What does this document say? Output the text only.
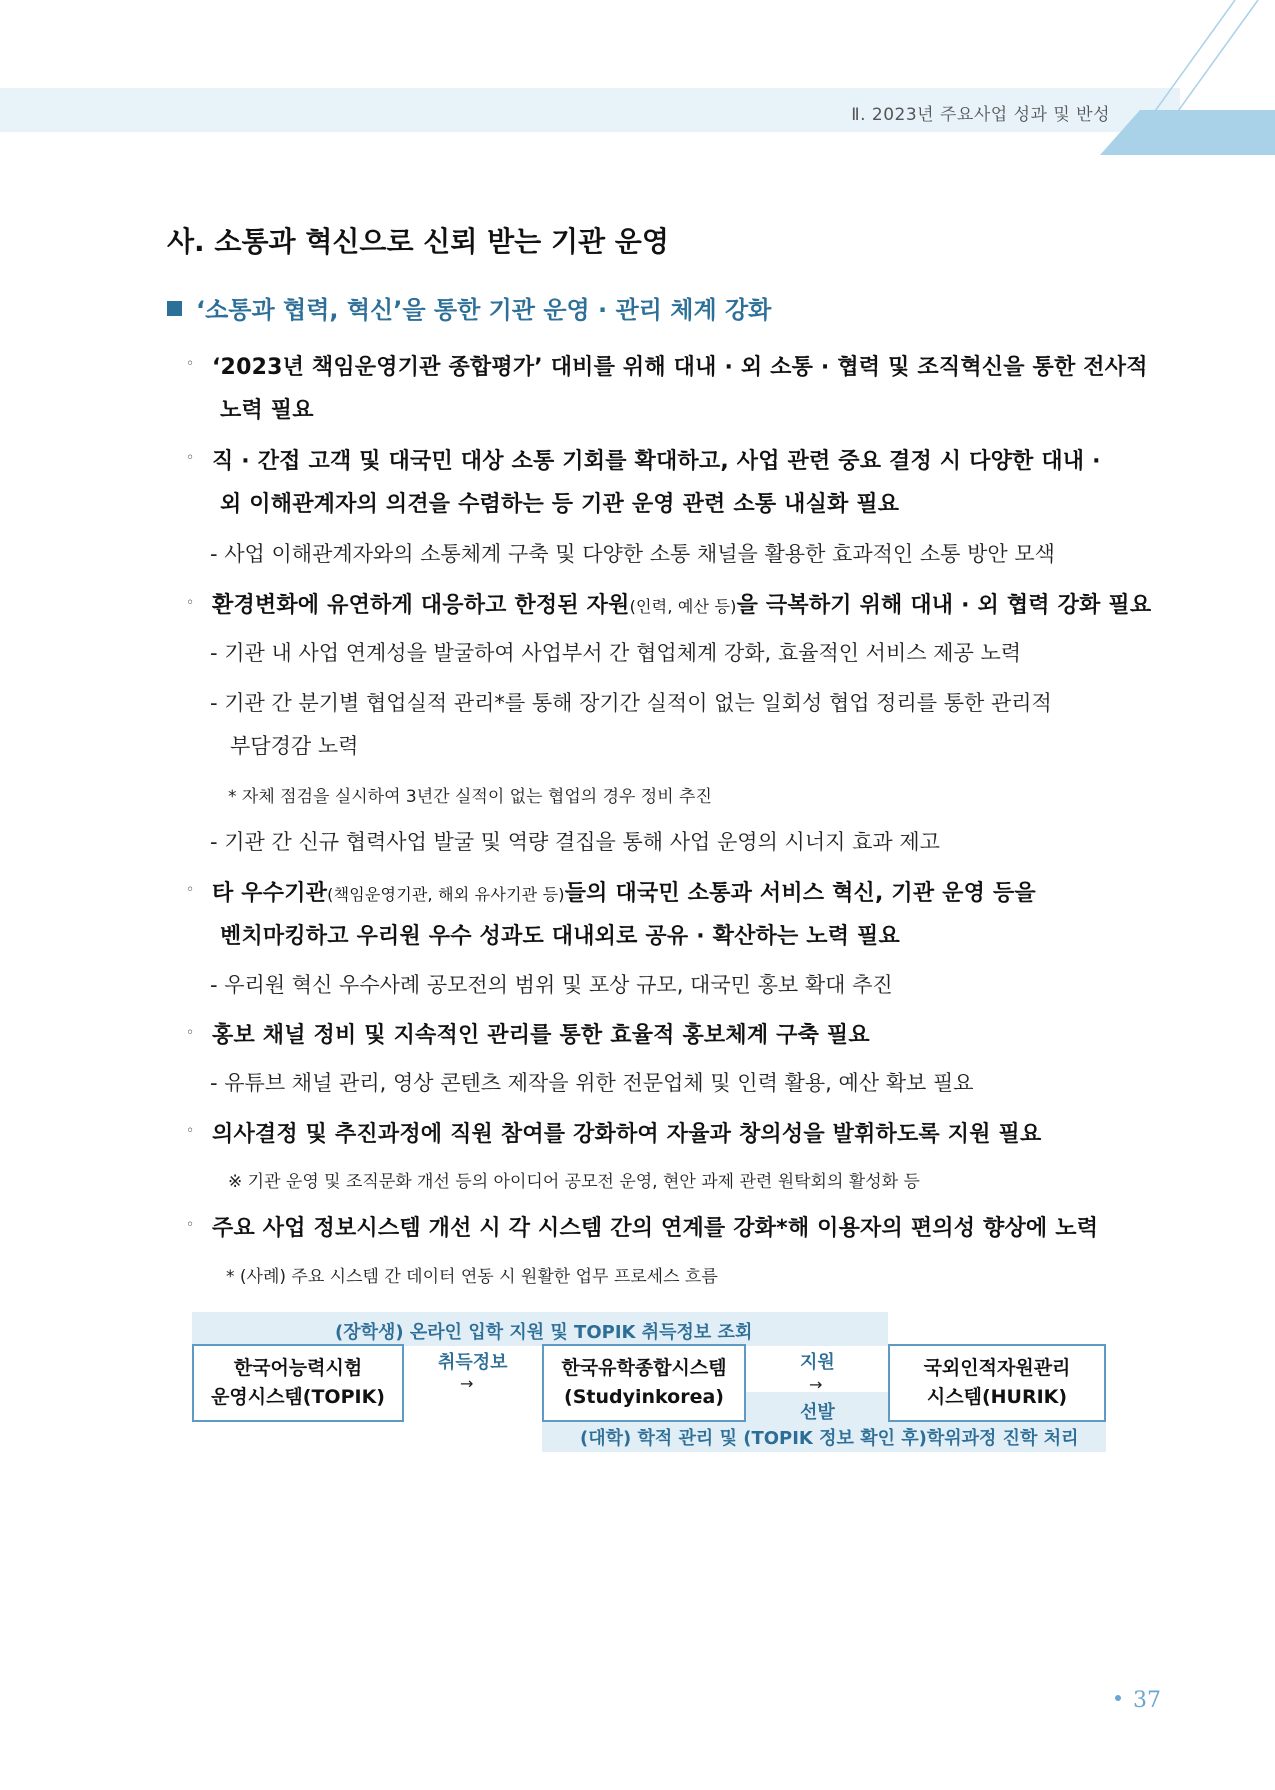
Ⅱ. 2023년 주요사업 성과 및 반성
사. 소통과 혁신으로 신뢰 받는 기관 운영
‘소통과 협력, 혁신’을 통한 기관 운영 · 관리 체계 강화
◦ ‘2023년 책임운영기관 종합평가’ 대비를 위해 대내 · 외 소통 · 협력 및 조직혁신을 통한 전사적
노력 필요
◦ 직 · 간접 고객 및 대국민 대상 소통 기회를 확대하고, 사업 관련 중요 결정 시 다양한 대내 ·
외 이해관계자의 의견을 수렴하는 등 기관 운영 관련 소통 내실화 필요
- 사업 이해관계자와의 소통체계 구축 및 다양한 소통 채널을 활용한 효과적인 소통 방안 모색
◦ 환경변화에 유연하게 대응하고 한정된 자원(인력, 예산 등)을 극복하기 위해 대내 · 외 협력 강화 필요
- 기관 내 사업 연계성을 발굴하여 사업부서 간 협업체계 강화, 효율적인 서비스 제공 노력
- 기관 간 분기별 협업실적 관리*를 통해 장기간 실적이 없는 일회성 협업 정리를 통한 관리적
부담경감 노력
* 자체 점검을 실시하여 3년간 실적이 없는 협업의 경우 정비 추진
- 기관 간 신규 협력사업 발굴 및 역량 결집을 통해 사업 운영의 시너지 효과 제고
◦ 타 우수기관(책임운영기관, 해외 유사기관 등)들의 대국민 소통과 서비스 혁신, 기관 운영 등을
벤치마킹하고 우리원 우수 성과도 대내외로 공유 · 확산하는 노력 필요
- 우리원 혁신 우수사례 공모전의 범위 및 포상 규모, 대국민 홍보 확대 추진
◦ 홍보 채널 정비 및 지속적인 관리를 통한 효율적 홍보체계 구축 필요
- 유튜브 채널 관리, 영상 콘텐츠 제작을 위한 전문업체 및 인력 활용, 예산 확보 필요
◦ 의사결정 및 추진과정에 직원 참여를 강화하여 자율과 창의성을 발휘하도록 지원 필요
※ 기관 운영 및 조직문화 개선 등의 아이디어 공모전 운영, 현안 과제 관련 원탁회의 활성화 등
◦ 주요 사업 정보시스템 개선 시 각 시스템 간의 연계를 강화*해 이용자의 편의성 향상에 노력
* (사례) 주요 시스템 간 데이터 연동 시 원활한 업무 프로세스 흐름
(장학생) 온라인 입학 지원 및 TOPIK 취득정보 조회
(대학) 학적 관리 및 (TOPIK 정보 확인 후)학위과정 진학 처리
한국어능력시험
운영시스템(TOPIK)
한국유학종합시스템
(Studyinkorea)
국외인적자원관리
시스템(HURIK)
취득정보
→
지원
→
선발
37
